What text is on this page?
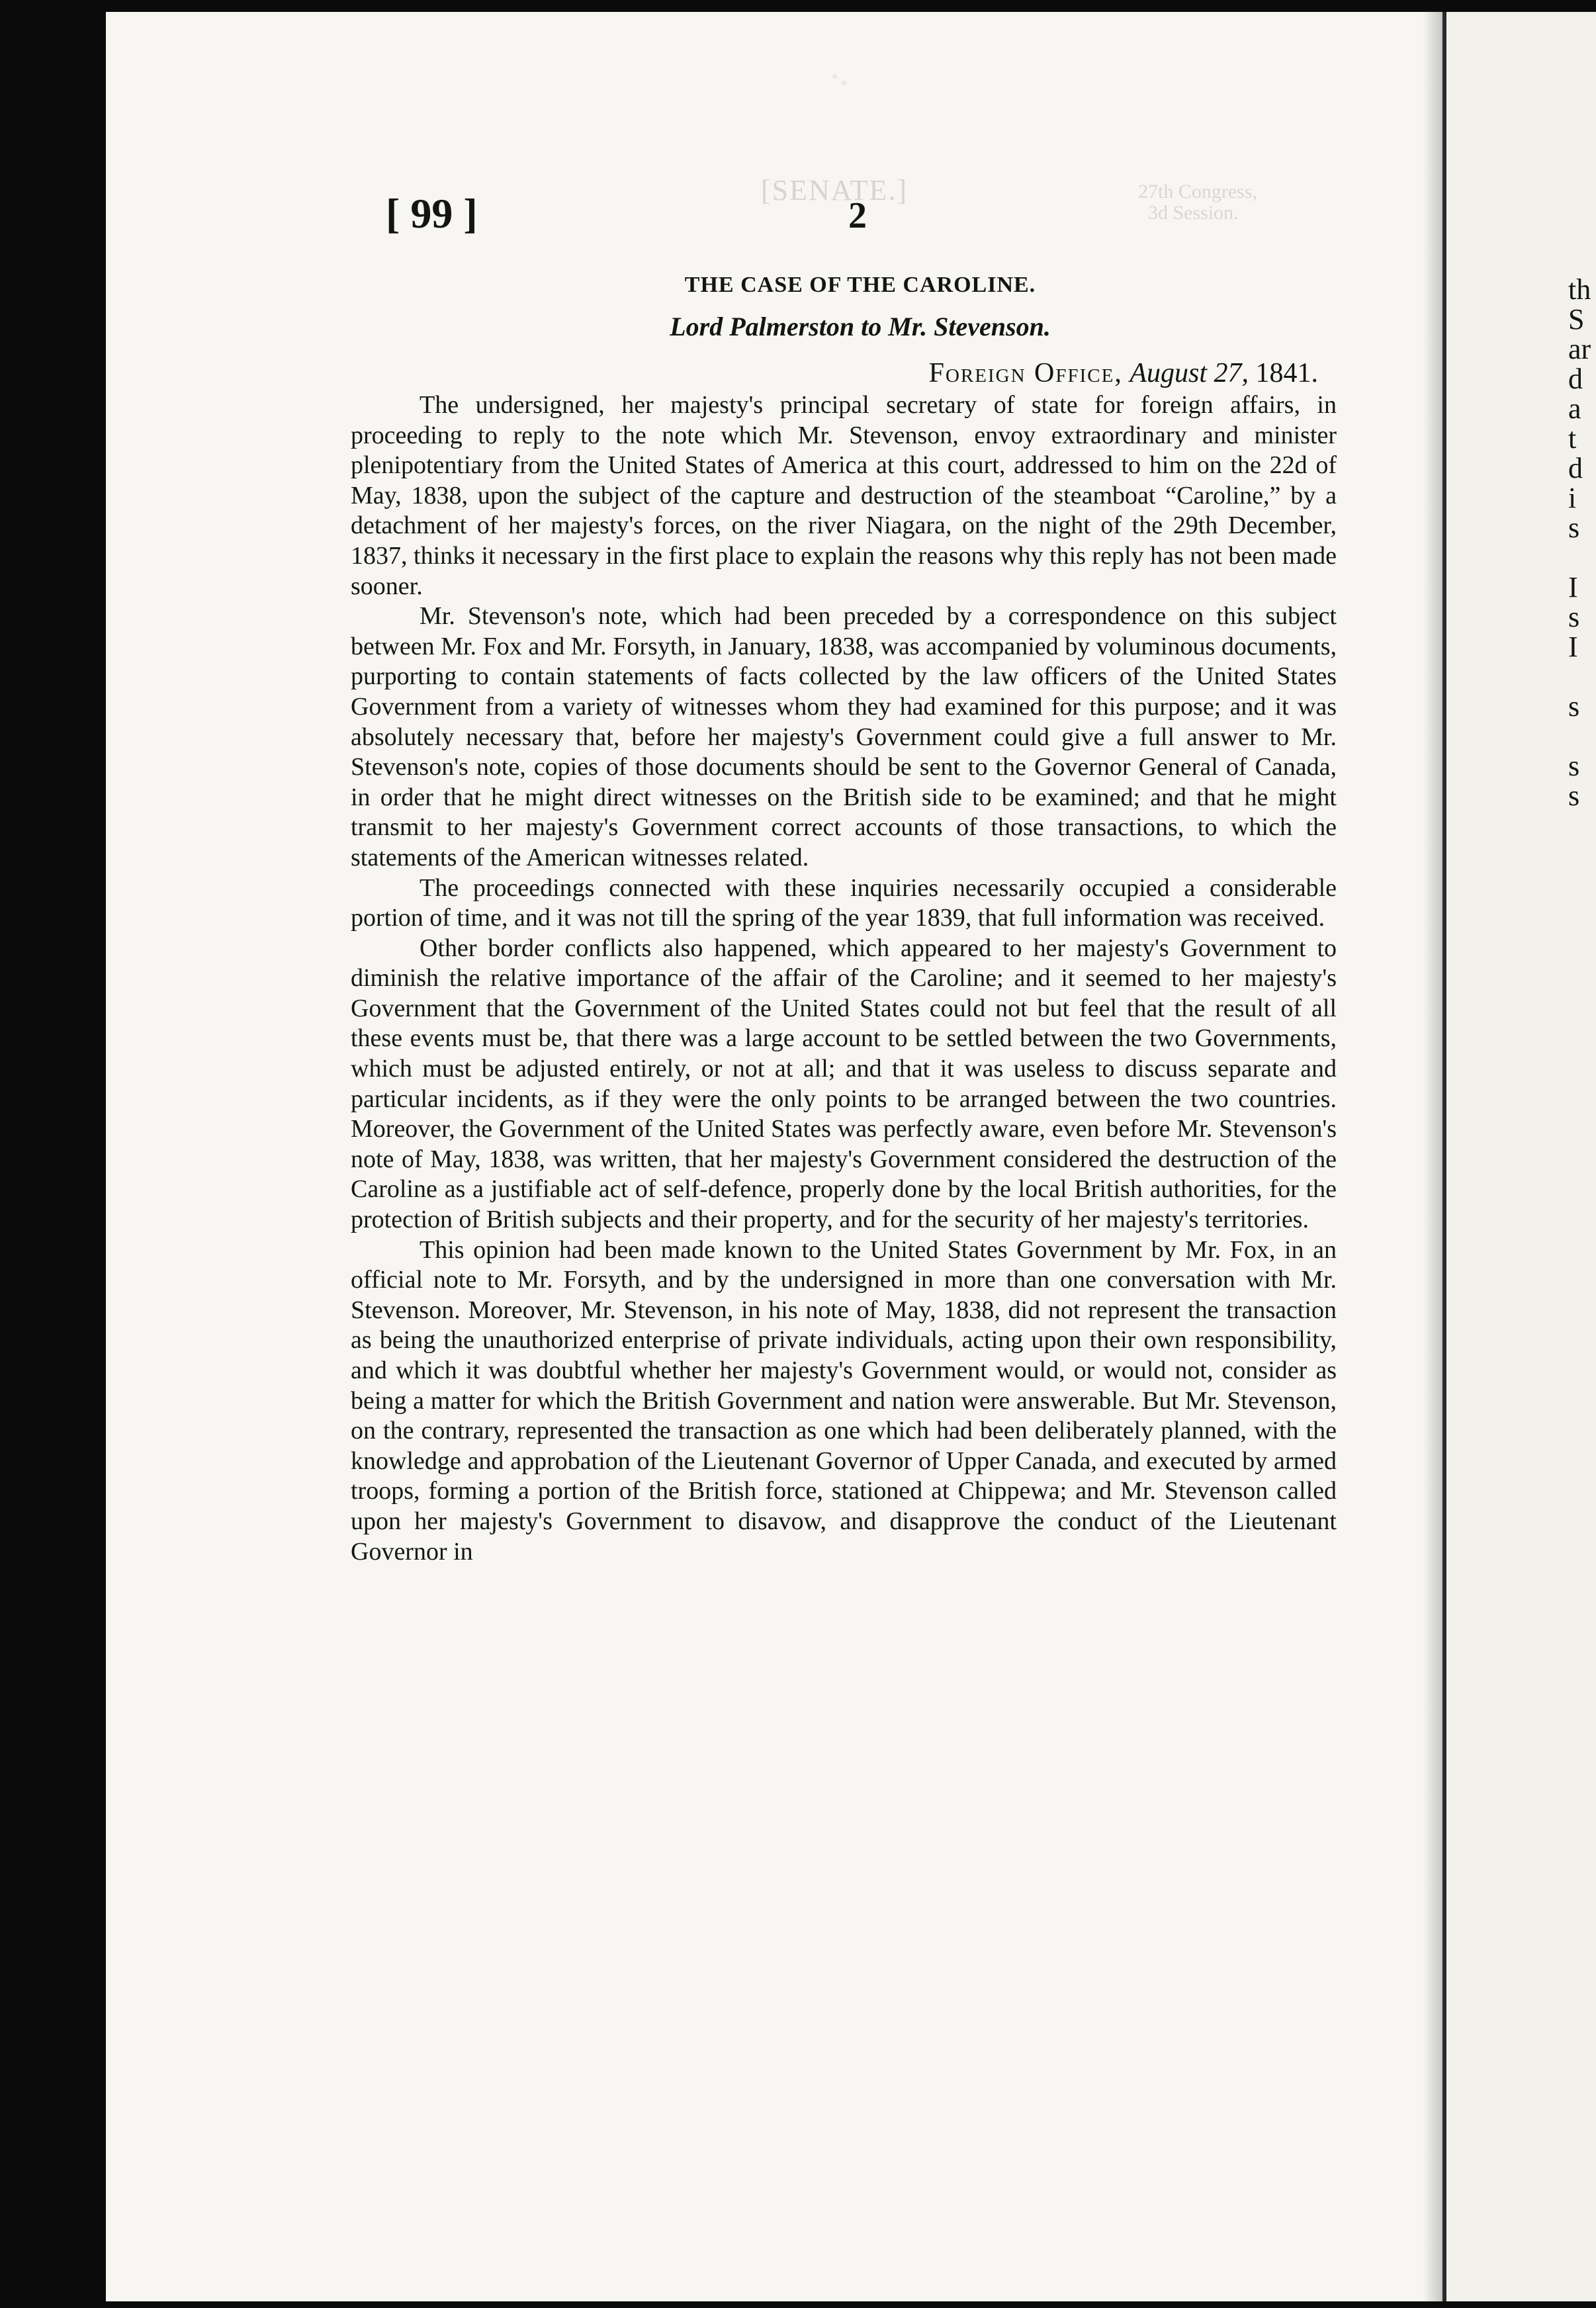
th
S
ar
d
a
t
d
i
s

I
s
I

s

s
s
[SENATE.]	27th Congress,
3d Session.
[ 99 ]	2
THE CASE OF THE CAROLINE.
Lord Palmerston to Mr. Stevenson.
Foreign Office, August 27, 1841.

The undersigned, her majesty's principal secretary of state for foreign affairs, in proceeding to reply to the note which Mr. Stevenson, envoy extraordinary and minister plenipotentiary from the United States of America at this court, addressed to him on the 22d of May, 1838, upon the subject of the capture and destruction of the steamboat “Caroline,” by a detachment of her majesty's forces, on the river Niagara, on the night of the 29th December, 1837, thinks it necessary in the first place to explain the reasons why this reply has not been made sooner.

Mr. Stevenson's note, which had been preceded by a correspondence on this subject between Mr. Fox and Mr. Forsyth, in January, 1838, was accompanied by voluminous documents, purporting to contain statements of facts collected by the law officers of the United States Government from a variety of witnesses whom they had examined for this purpose; and it was absolutely necessary that, before her majesty's Government could give a full answer to Mr. Stevenson's note, copies of those documents should be sent to the Governor General of Canada, in order that he might direct witnesses on the British side to be examined; and that he might transmit to her majesty's Government correct accounts of those transactions, to which the statements of the American witnesses related.

The proceedings connected with these inquiries necessarily occupied a considerable portion of time, and it was not till the spring of the year 1839, that full information was received.

Other border conflicts also happened, which appeared to her majesty's Government to diminish the relative importance of the affair of the Caroline; and it seemed to her majesty's Government that the Government of the United States could not but feel that the result of all these events must be, that there was a large account to be settled between the two Governments, which must be adjusted entirely, or not at all; and that it was useless to discuss separate and particular incidents, as if they were the only points to be arranged between the two countries. Moreover, the Government of the United States was perfectly aware, even before Mr. Stevenson's note of May, 1838, was written, that her majesty's Government considered the destruction of the Caroline as a justifiable act of self-defence, properly done by the local British authorities, for the protection of British subjects and their property, and for the security of her majesty's territories.

This opinion had been made known to the United States Government by Mr. Fox, in an official note to Mr. Forsyth, and by the undersigned in more than one conversation with Mr. Stevenson. Moreover, Mr. Stevenson, in his note of May, 1838, did not represent the transaction as being the unauthorized enterprise of private individuals, acting upon their own responsibility, and which it was doubtful whether her majesty's Government would, or would not, consider as being a matter for which the British Government and nation were answerable. But Mr. Stevenson, on the contrary, represented the transaction as one which had been deliberately planned, with the knowledge and approbation of the Lieutenant Governor of Upper Canada, and executed by armed troops, forming a portion of the British force, stationed at Chippewa; and Mr. Stevenson called upon her majesty's Government to disavow, and disapprove the conduct of the Lieutenant Governor in
